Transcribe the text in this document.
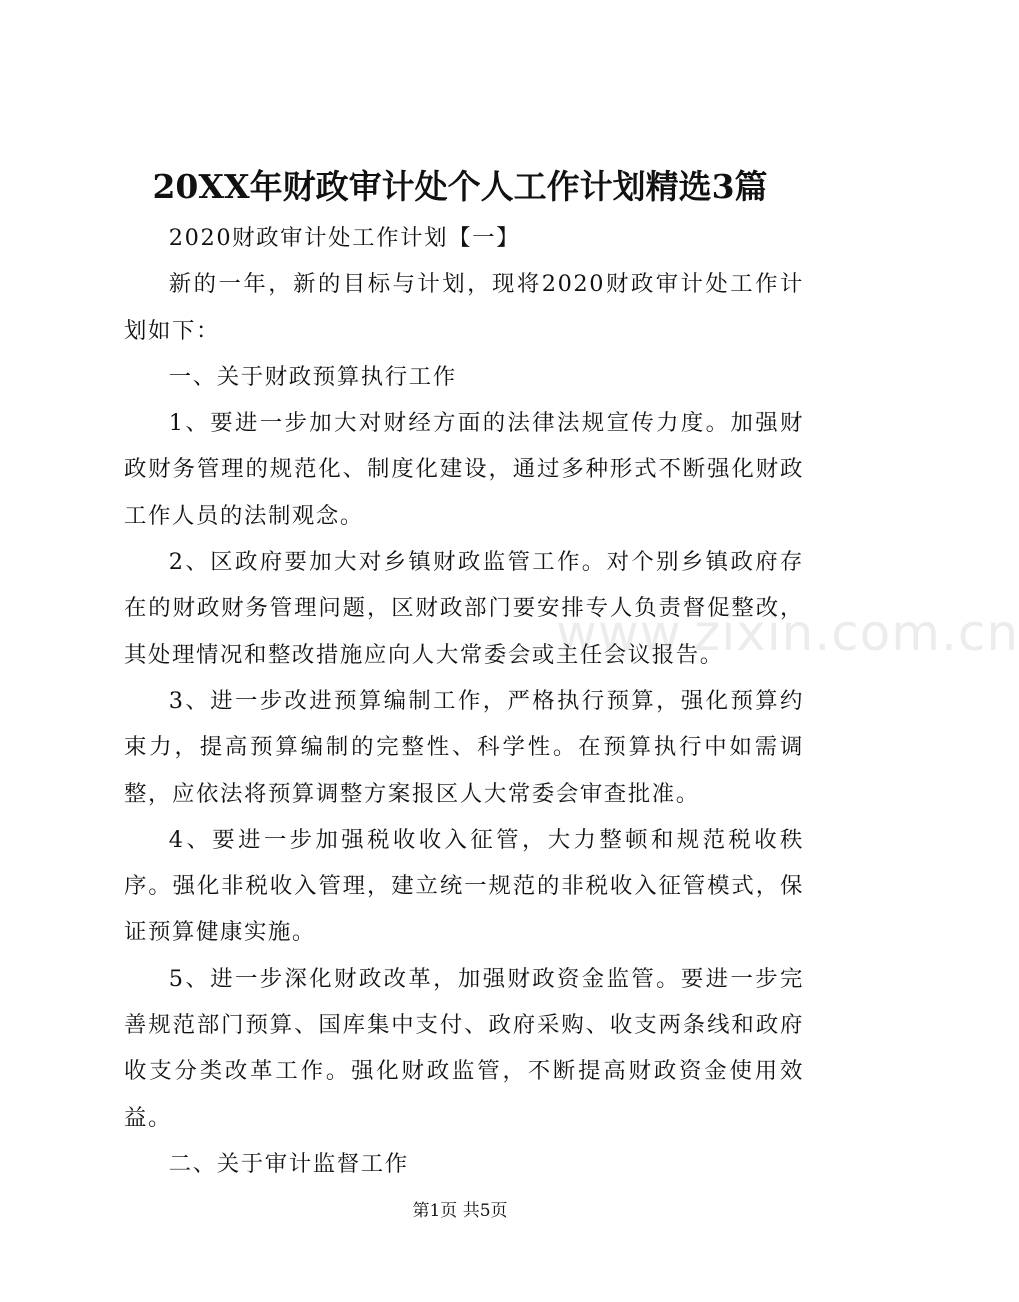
www.zixin.com.cn
20XX年财政审计处个人工作计划精选3篇

2020财政审计处工作计划【一】

新的一年，新的目标与计划，现将2020财政审计处工作计划如下：

一、关于财政预算执行工作

1、要进一步加大对财经方面的法律法规宣传力度。加强财政财务管理的规范化、制度化建设，通过多种形式不断强化财政工作人员的法制观念。

2、区政府要加大对乡镇财政监管工作。对个别乡镇政府存在的财政财务管理问题，区财政部门要安排专人负责督促整改，其处理情况和整改措施应向人大常委会或主任会议报告。

3、进一步改进预算编制工作，严格执行预算，强化预算约束力，提高预算编制的完整性、科学性。在预算执行中如需调整，应依法将预算调整方案报区人大常委会审查批准。

4、要进一步加强税收收入征管，大力整顿和规范税收秩序。强化非税收入管理，建立统一规范的非税收入征管模式，保证预算健康实施。

5、进一步深化财政改革，加强财政资金监管。要进一步完善规范部门预算、国库集中支付、政府采购、收支两条线和政府收支分类改革工作。强化财政监管，不断提高财政资金使用效益。

二、关于审计监督工作

第1页 共5页
